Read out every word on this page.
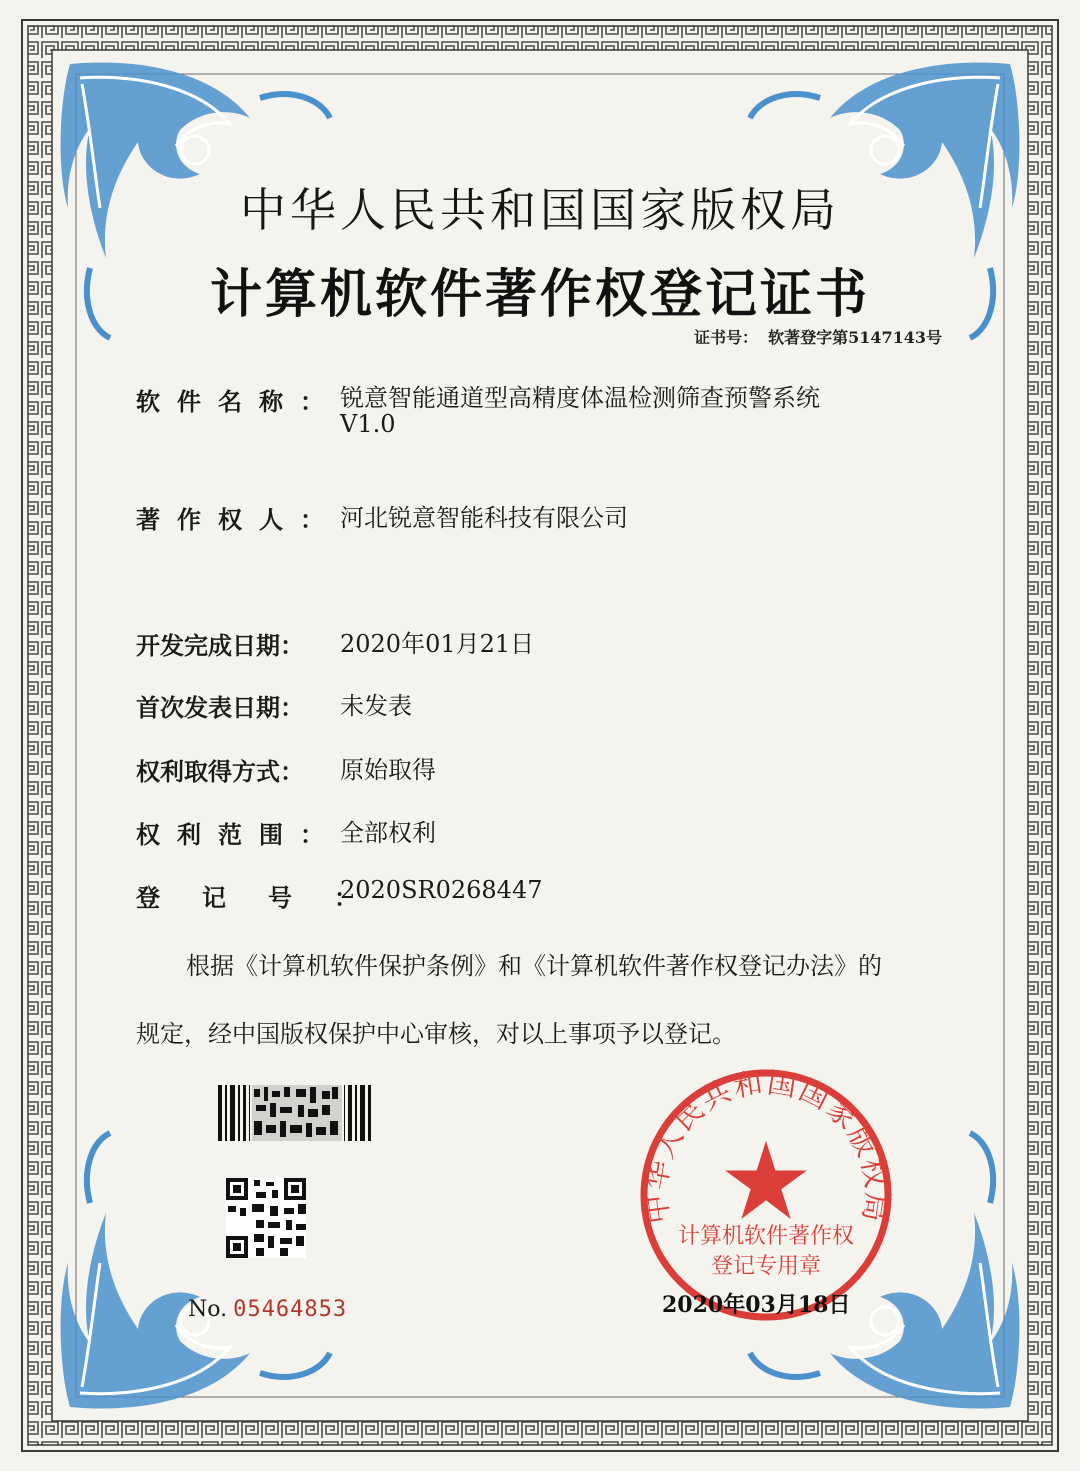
中华人民共和国国家版权局
计算机软件著作权
登记专用章
中华人民共和国国家版权局
计算机软件著作权登记证书
证书号： 软著登字第5147143号
软件名称： 锐意智能通道型高精度体温检测筛查预警系统
V1.0
著作权人： 河北锐意智能科技有限公司
开发完成日期： 2020年01月21日
首次发表日期： 未发表
权利取得方式： 原始取得
权利范围： 全部权利
登记号：
2020SR0268447
根据《计算机软件保护条例》和《计算机软件著作权登记办法》的
规定，经中国版权保护中心审核，对以上事项予以登记。
No. 05464853	2020年03月18日
